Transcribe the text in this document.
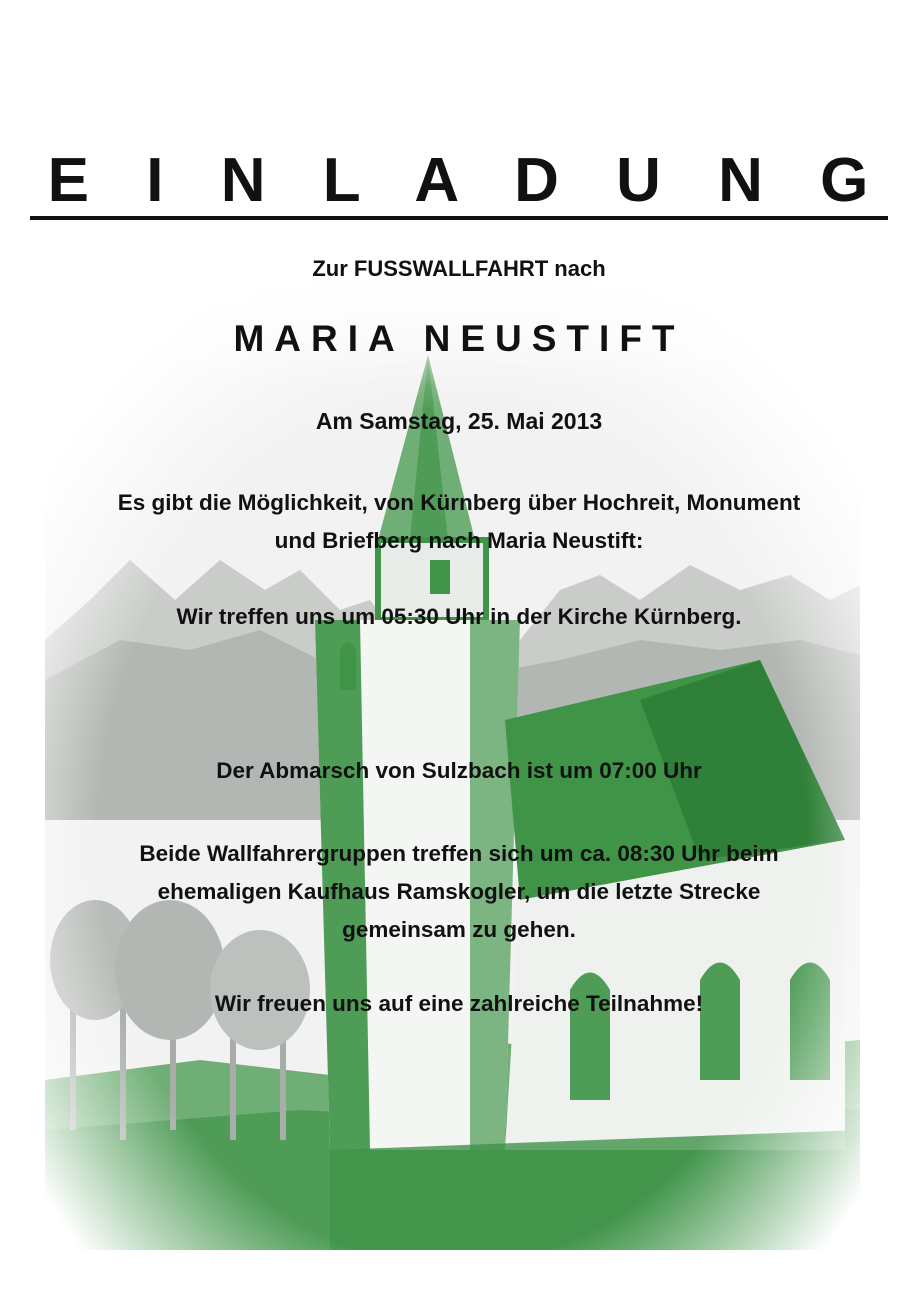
E I N L A D U N G
Zur FUSSWALLFAHRT nach
MARIA NEUSTIFT
Am Samstag, 25. Mai 2013
Es gibt die Möglichkeit, von Kürnberg über Hochreit, Monument
und Briefberg nach Maria Neustift:
Wir treffen uns um 05:30 Uhr in der Kirche Kürnberg.
Der Abmarsch von Sulzbach ist um 07:00 Uhr
Beide Wallfahrergruppen treffen sich um ca. 08:30 Uhr beim
ehemaligen Kaufhaus Ramskogler, um die letzte Strecke
gemeinsam zu gehen.
Wir freuen uns auf eine zahlreiche Teilnahme!
